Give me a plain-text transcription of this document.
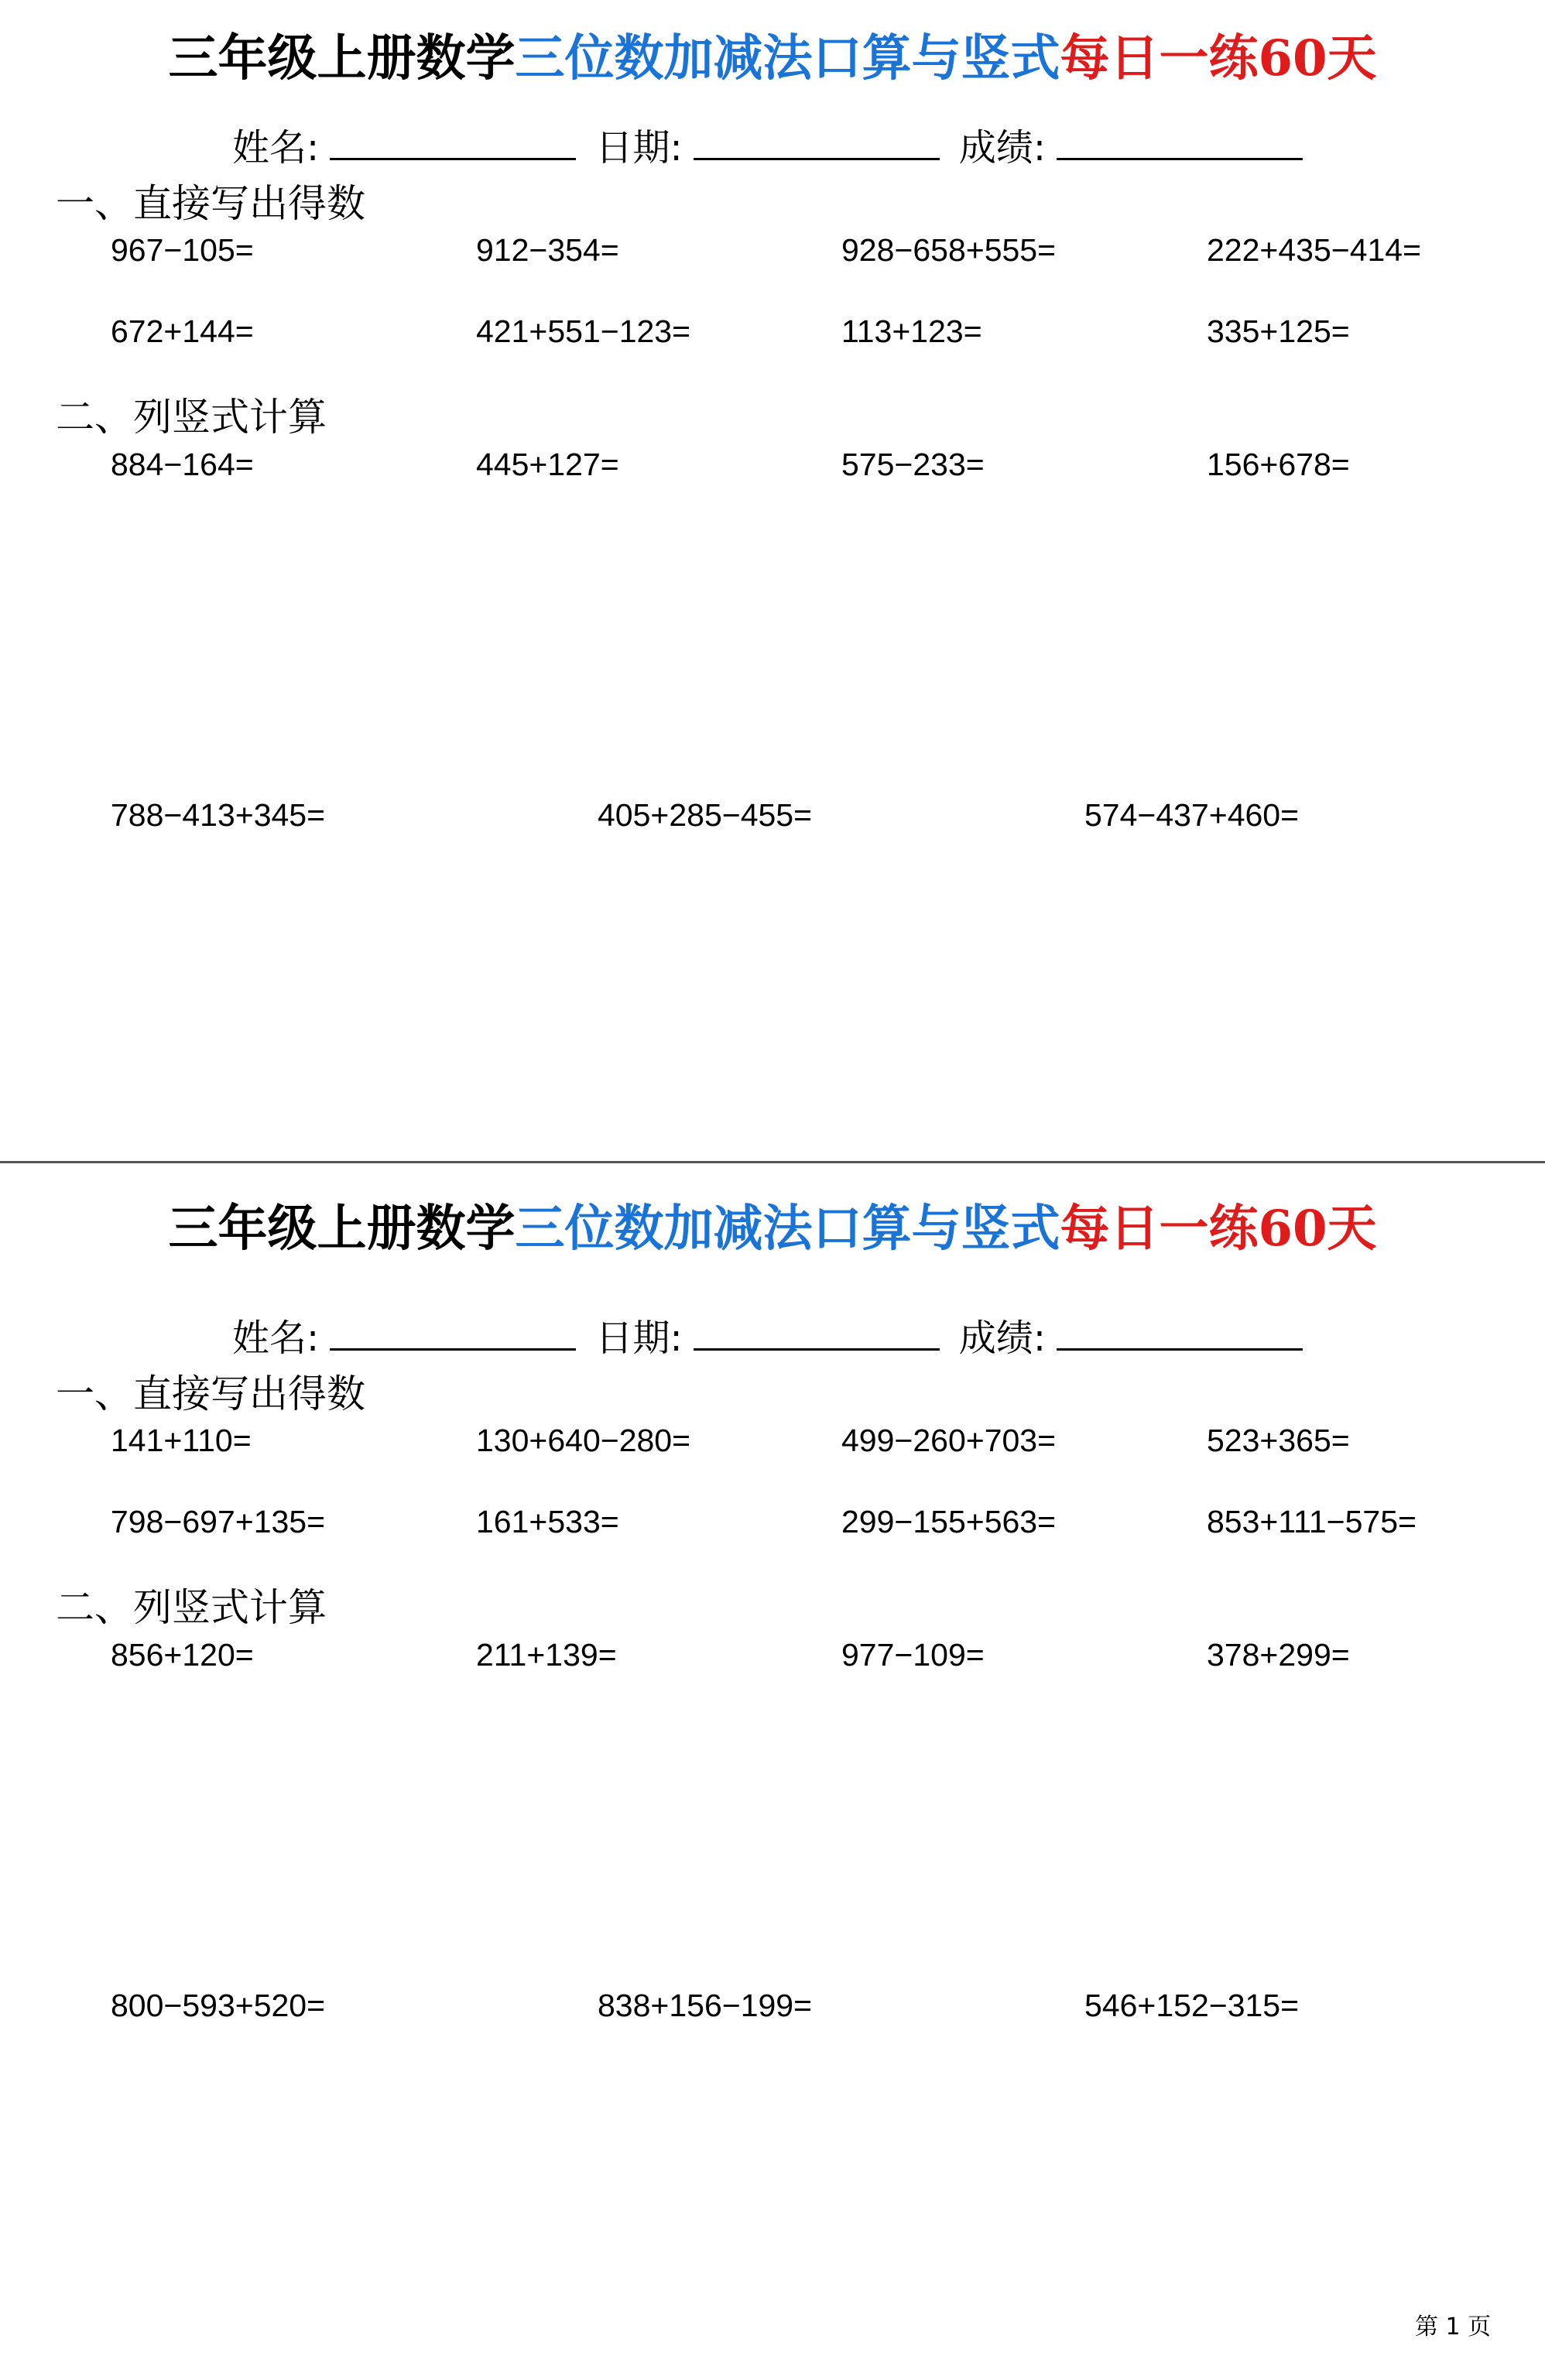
三年级上册数学三位数加减法口算与竖式每日一练60天
姓名:	日期:	成绩:
一、直接写出得数
967−105=	912−354=	928−658+555=	222+435−414=
672+144=	421+551−123=	113+123=	335+125=
二、列竖式计算
884−164=	445+127=	575−233=	156+678=
788−413+345=	405+285−455=	574−437+460=
三年级上册数学三位数加减法口算与竖式每日一练60天
姓名:	日期:	成绩:
一、直接写出得数
141+110=	130+640−280=	499−260+703=	523+365=
798−697+135=	161+533=	299−155+563=	853+111−575=
二、列竖式计算
856+120=	211+139=	977−109=	378+299=
800−593+520=	838+156−199=	546+152−315=
第 1 页
